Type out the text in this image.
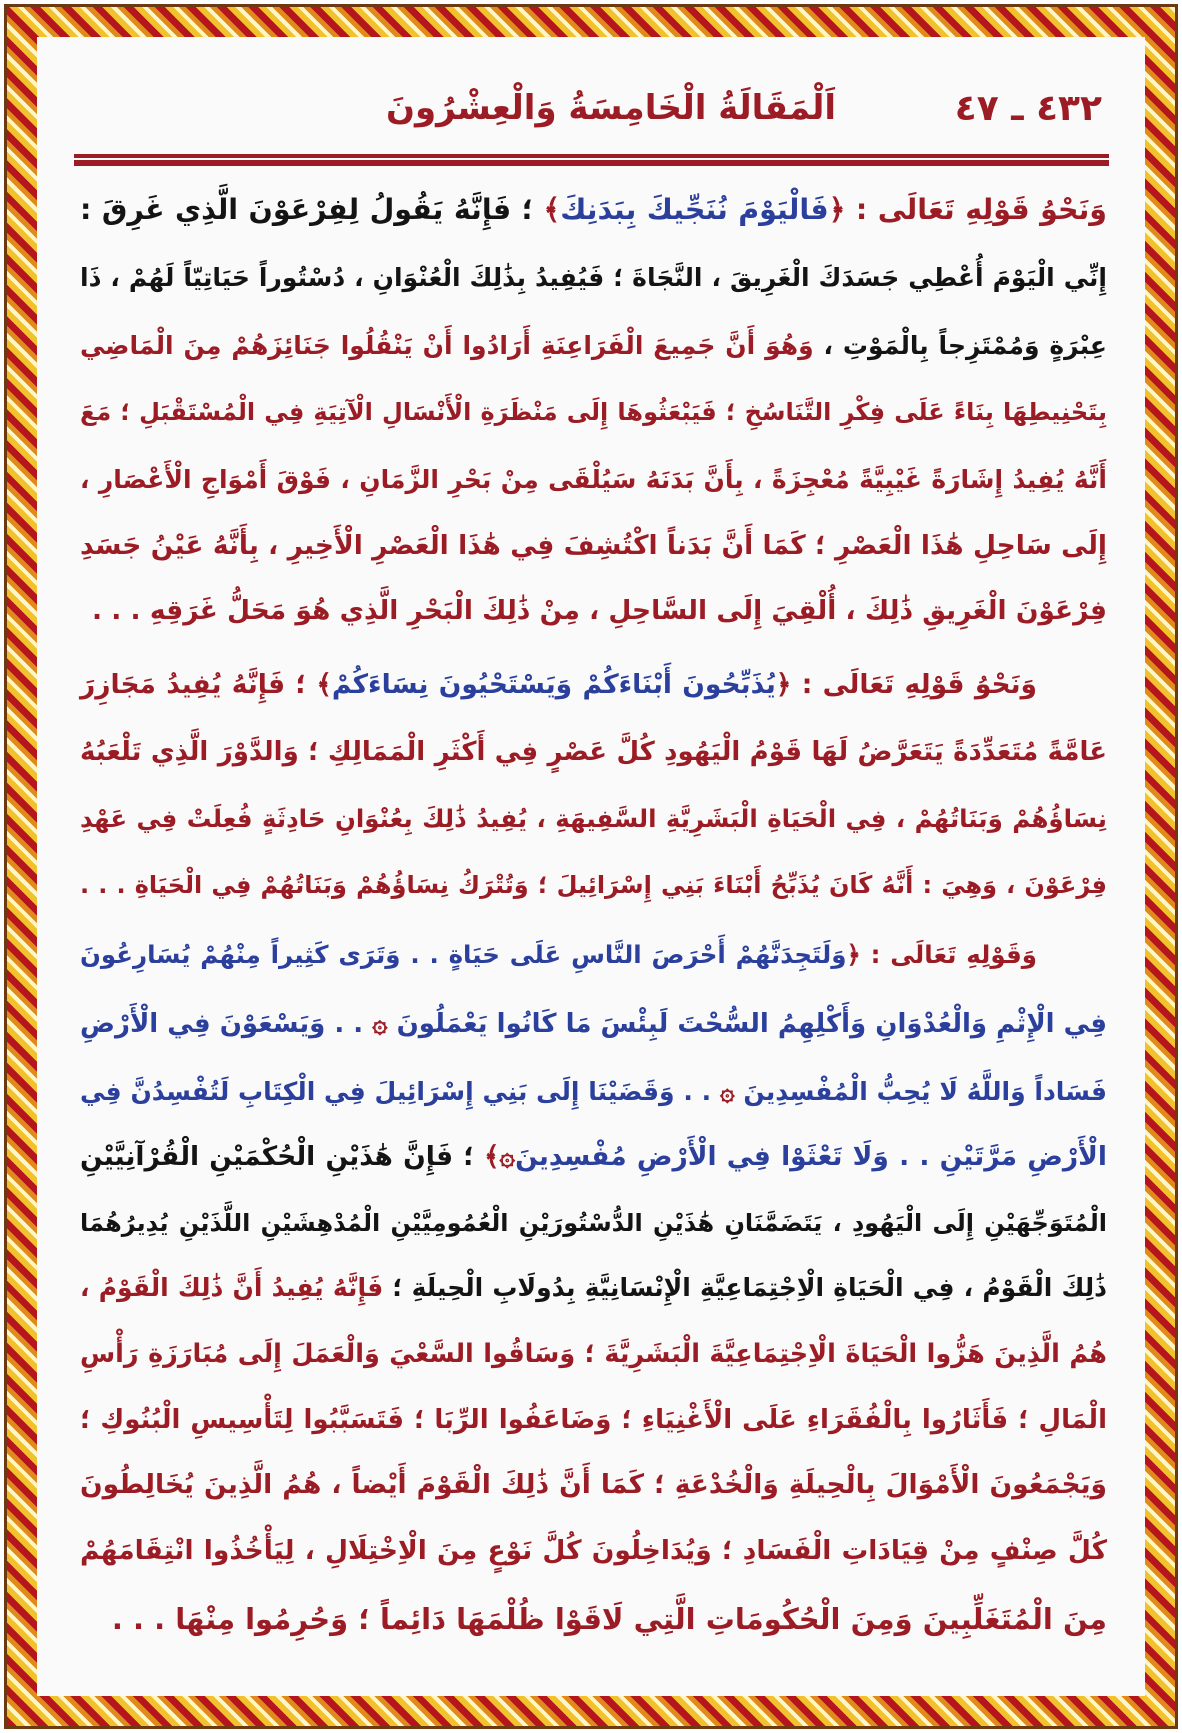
٤٣٢ ـ ٤٧
اَلْمَقَالَةُ الْخَامِسَةُ وَالْعِشْرُونَ
وَنَحْوُ قَوْلِهِ تَعَالَى : ﴿فَالْيَوْمَ نُنَجِّيكَ بِبَدَنِكَ﴾ ؛ فَإِنَّهُ يَقُولُ لِفِرْعَوْنَ الَّذِي غَرِقَ :
إِنِّي الْيَوْمَ أُعْطِي جَسَدَكَ الْغَرِيقَ ، النَّجَاةَ ؛ فَيُفِيدُ بِذَٰلِكَ الْعُنْوَانِ ، دُسْتُوراً حَيَاتِيّاً لَهُمْ ، ذَا
عِبْرَةٍ وَمُمْتَزِجاً بِالْمَوْتِ ، وَهُوَ أَنَّ جَمِيعَ الْفَرَاعِنَةِ أَرَادُوا أَنْ يَنْقُلُوا جَنَائِزَهُمْ مِنَ الْمَاضِي
بِتَحْنِيطِهَا بِنَاءً عَلَى فِكْرِ التَّنَاسُخِ ؛ فَيَبْعَثُوهَا إِلَى مَنْظَرَةِ الْأَنْسَالِ الْآتِيَةِ فِي الْمُسْتَقْبَلِ ؛ مَعَ
أَنَّهُ يُفِيدُ إِشَارَةً غَيْبِيَّةً مُعْجِزَةً ، بِأَنَّ بَدَنَهُ سَيُلْقَى مِنْ بَحْرِ الزَّمَانِ ، فَوْقَ أَمْوَاجِ الْأَعْصَارِ ،
إِلَى سَاحِلِ هَٰذَا الْعَصْرِ ؛ كَمَا أَنَّ بَدَناً اكْتُشِفَ فِي هَٰذَا الْعَصْرِ الْأَخِيرِ ، بِأَنَّهُ عَيْنُ جَسَدِ
فِرْعَوْنَ الْغَرِيقِ ذَٰلِكَ ، أُلْقِيَ إِلَى السَّاحِلِ ، مِنْ ذَٰلِكَ الْبَحْرِ الَّذِي هُوَ مَحَلُّ غَرَقِهِ . . .
وَنَحْوُ قَوْلِهِ تَعَالَى : ﴿يُذَبِّحُونَ أَبْنَاءَكُمْ وَيَسْتَحْيُونَ نِسَاءَكُمْ﴾ ؛ فَإِنَّهُ يُفِيدُ مَجَازِرَ
عَامَّةً مُتَعَدِّدَةً يَتَعَرَّضُ لَهَا قَوْمُ الْيَهُودِ كُلَّ عَصْرٍ فِي أَكْثَرِ الْمَمَالِكِ ؛ وَالدَّوْرَ الَّذِي تَلْعَبُهُ
نِسَاؤُهُمْ وَبَنَاتُهُمْ ، فِي الْحَيَاةِ الْبَشَرِيَّةِ السَّفِيهَةِ ، يُفِيدُ ذَٰلِكَ بِعُنْوَانِ حَادِثَةٍ فُعِلَتْ فِي عَهْدِ
فِرْعَوْنَ ، وَهِيَ : أَنَّهُ كَانَ يُذَبِّحُ أَبْنَاءَ بَنِي إِسْرَائِيلَ ؛ وَتُتْرَكُ نِسَاؤُهُمْ وَبَنَاتُهُمْ فِي الْحَيَاةِ . . .
وَقَوْلِهِ تَعَالَى : ﴿وَلَتَجِدَنَّهُمْ أَحْرَصَ النَّاسِ عَلَى حَيَاةٍ . . وَتَرَى كَثِيراً مِنْهُمْ يُسَارِعُونَ
فِي الْإِثْمِ وَالْعُدْوَانِ وَأَكْلِهِمُ السُّحْتَ لَبِئْسَ مَا كَانُوا يَعْمَلُونَ ۞ . . وَيَسْعَوْنَ فِي الْأَرْضِ
فَسَاداً وَاللَّهُ لَا يُحِبُّ الْمُفْسِدِينَ ۞ . . وَقَضَيْنَا إِلَى بَنِي إِسْرَائِيلَ فِي الْكِتَابِ لَتُفْسِدُنَّ فِي
الْأَرْضِ مَرَّتَيْنِ . . وَلَا تَعْثَوْا فِي الْأَرْضِ مُفْسِدِينَ۞﴾ ؛ فَإِنَّ هَٰذَيْنِ الْحُكْمَيْنِ الْقُرْآنِيَّيْنِ
الْمُتَوَجِّهَيْنِ إِلَى الْيَهُودِ ، يَتَضَمَّنَانِ هَٰذَيْنِ الدُّسْتُورَيْنِ الْعُمُومِيَّيْنِ الْمُدْهِشَيْنِ اللَّذَيْنِ يُدِيرُهُمَا
ذَٰلِكَ الْقَوْمُ ، فِي الْحَيَاةِ الْاِجْتِمَاعِيَّةِ الْإِنْسَانِيَّةِ بِدُولَابِ الْحِيلَةِ ؛ فَإِنَّهُ يُفِيدُ أَنَّ ذَٰلِكَ الْقَوْمُ ،
هُمُ الَّذِينَ هَزُّوا الْحَيَاةَ الْاِجْتِمَاعِيَّةَ الْبَشَرِيَّةَ ؛ وَسَاقُوا السَّعْيَ وَالْعَمَلَ إِلَى مُبَارَزَةِ رَأْسِ
الْمَالِ ؛ فَأَثَارُوا بِالْفُقَرَاءِ عَلَى الْأَغْنِيَاءِ ؛ وَضَاعَفُوا الرِّبَا ؛ فَتَسَبَّبُوا لِتَأْسِيسِ الْبُنُوكِ ؛
وَيَجْمَعُونَ الْأَمْوَالَ بِالْحِيلَةِ وَالْخُدْعَةِ ؛ كَمَا أَنَّ ذَٰلِكَ الْقَوْمَ أَيْضاً ، هُمُ الَّذِينَ يُخَالِطُونَ
كُلَّ صِنْفٍ مِنْ قِيَادَاتِ الْفَسَادِ ؛ وَيُدَاخِلُونَ كُلَّ نَوْعٍ مِنَ الْاِخْتِلَالِ ، لِيَأْخُذُوا انْتِقَامَهُمْ
مِنَ الْمُتَغَلِّبِينَ وَمِنَ الْحُكُومَاتِ الَّتِي لَاقَوْا ظُلْمَهَا دَائِماً ؛ وَحُرِمُوا مِنْهَا . . .
